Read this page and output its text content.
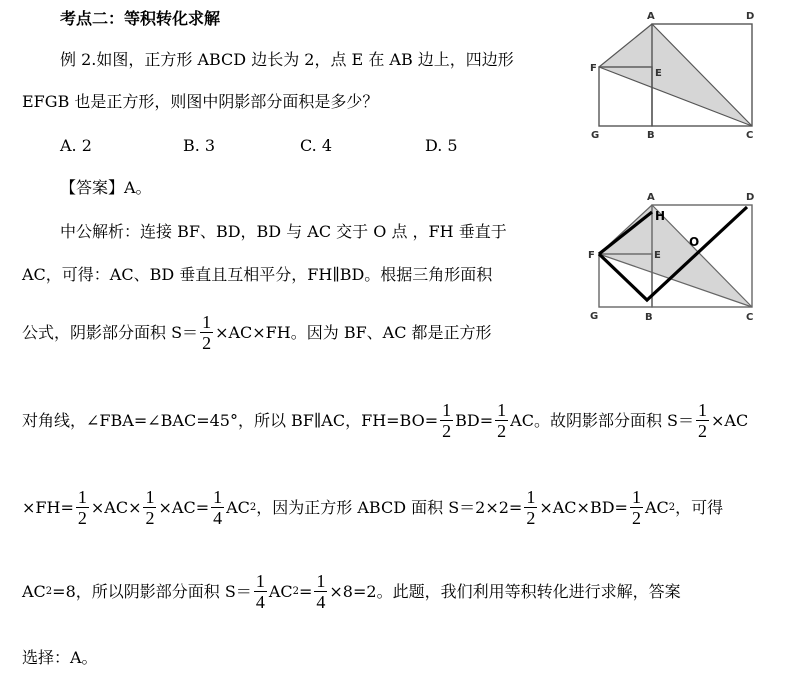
考点二：等积转化求解
例 2.如图，正方形 ABCD 边长为 2，点 E 在 AB 边上，四边形
EFGB 也是正方形，则图中阴影部分面积是多少？
A. 2	B. 3	C. 4	D. 5
【答案】A。
中公解析：连接 BF、BD，BD 与 AC 交于 O 点 ，FH 垂直于
AC，可得：AC、BD 垂直且互相平分，FH∥BD。根据三角形面积
公式，阴影部分面积 $S= \frac{1}{2} \times AC\times FH$。因为 BF、AC 都是正方形
对角线，∠FBA=∠BAC=45°，所以 BF∥AC，$FH=BO= \frac{1}{2} BD= \frac{1}{2}$ AC。故阴影部分面积 $S= \frac{1}{2} \times AC$
$\times FH= \frac{1}{2} \times AC\times \frac{1}{2} \times AC= \frac{1}{4}$ AC 2 ，因为正方形 ABCD 面积 $S=2\times 2= \frac{1}{2} \times AC\times BD= \frac{1}{2}$ AC 2 ，可得
AC 2 =8，所以阴影部分面积 $S= \frac{1}{4}$ AC $2 = \frac{1}{4} \times 8=2$。此题，我们利用等积转化进行求解，答案
选择：A。
A	D
F	E
G	B	C
A	D
F	E
G	B	C
H
O
